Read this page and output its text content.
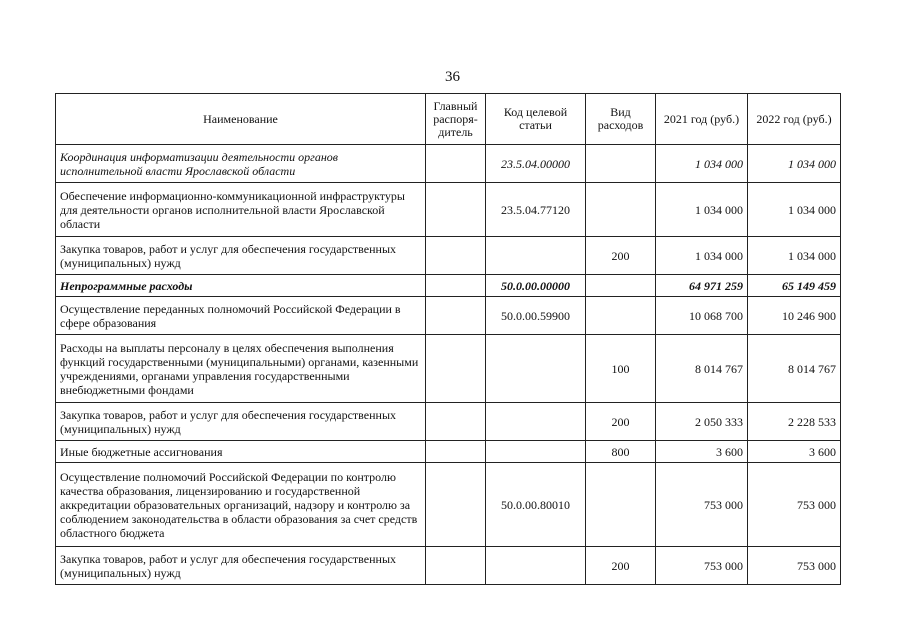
36
Наименование	Главный распоря-дитель	Код целевой статьи	Вид расходов	2021 год (руб.)	2022 год (руб.)
Координация информатизации деятельности органов исполнительной власти Ярославской области		23.5.04.00000		1 034 000	1 034 000
Обеспечение информационно-коммуникационной инфраструктуры для деятельности органов исполнительной власти Ярославской области		23.5.04.77120		1 034 000	1 034 000
Закупка товаров, работ и услуг для обеспечения государственных (муниципальных) нужд			200	1 034 000	1 034 000
Непрограммные расходы		50.0.00.00000		64 971 259	65 149 459
Осуществление переданных полномочий Российской Федерации в сфере образования		50.0.00.59900		10 068 700	10 246 900
Расходы на выплаты персоналу в целях обеспечения выполнения функций государственными (муниципальными) органами, казенными учреждениями, органами управления государственными внебюджетными фондами			100	8 014 767	8 014 767
Закупка товаров, работ и услуг для обеспечения государственных (муниципальных) нужд			200	2 050 333	2 228 533
Иные бюджетные ассигнования			800	3 600	3 600
Осуществление полномочий Российской Федерации по контролю качества образования, лицензированию и государственной аккредитации образовательных организаций, надзору и контролю за соблюдением законодательства в области образования за счет средств областного бюджета		50.0.00.80010		753 000	753 000
Закупка товаров, работ и услуг для обеспечения государственных (муниципальных) нужд			200	753 000	753 000
